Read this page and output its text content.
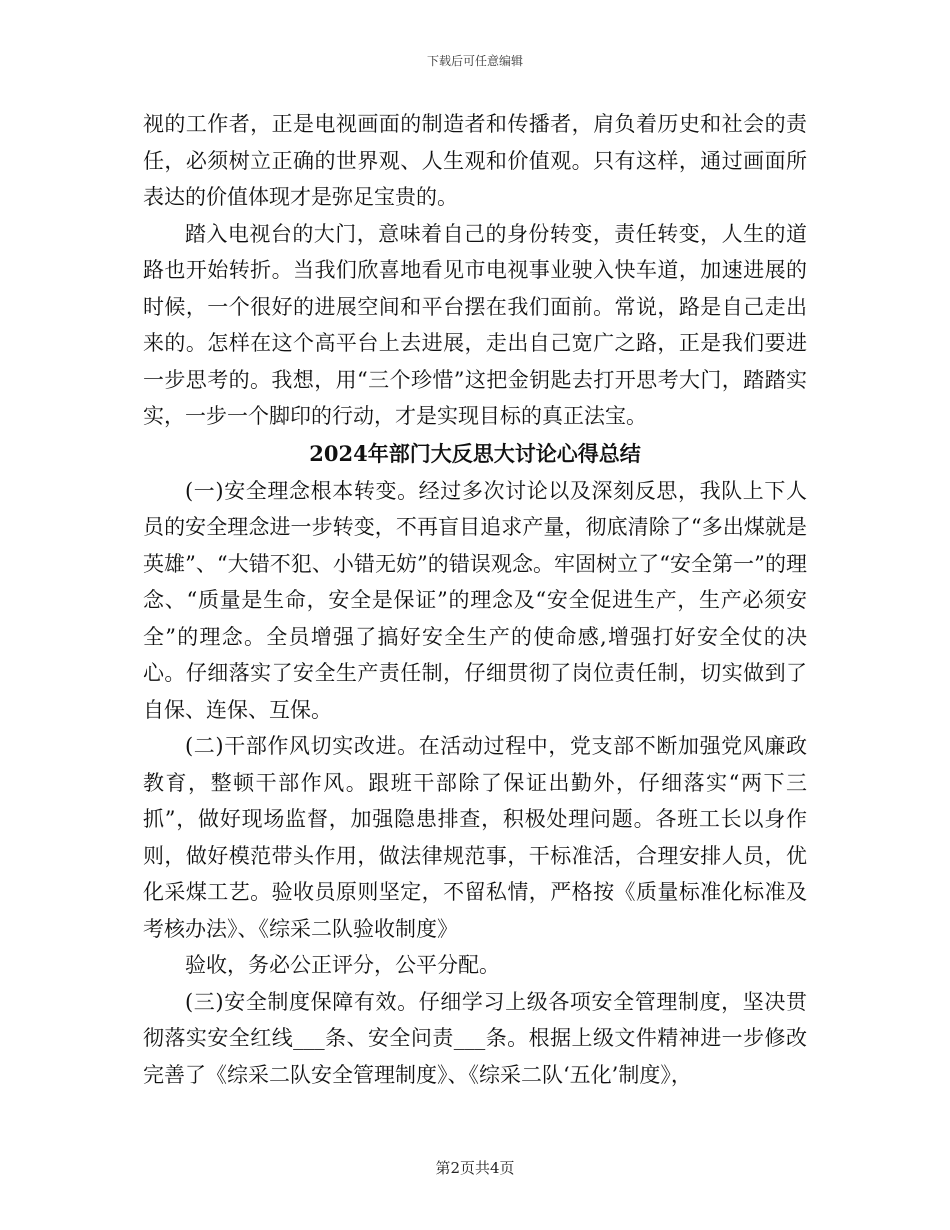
下载后可任意编辑

视的工作者，正是电视画面的制造者和传播者，肩负着历史和社会的责任，必须树立正确的世界观、人生观和价值观。只有这样，通过画面所表达的价值体现才是弥足宝贵的。

踏入电视台的大门，意味着自己的身份转变，责任转变，人生的道路也开始转折。当我们欣喜地看见市电视事业驶入快车道，加速进展的时候，一个很好的进展空间和平台摆在我们面前。常说，路是自己走出来的。怎样在这个高平台上去进展，走出自己宽广之路，正是我们要进一步思考的。我想，用“三个珍惜”这把金钥匙去打开思考大门，踏踏实实，一步一个脚印的行动，才是实现目标的真正法宝。

2024年部门大反思大讨论心得总结

(一)安全理念根本转变。经过多次讨论以及深刻反思，我队上下人员的安全理念进一步转变，不再盲目追求产量，彻底清除了“多出煤就是英雄”、“大错不犯、小错无妨”的错误观念。牢固树立了“安全第一”的理念、“质量是生命，安全是保证”的理念及“安全促进生产，生产必须安全”的理念。全员增强了搞好安全生产的使命感,增强打好安全仗的决心。仔细落实了安全生产责任制，仔细贯彻了岗位责任制，切实做到了自保、连保、互保。

(二)干部作风切实改进。在活动过程中，党支部不断加强党风廉政教育，整顿干部作风。跟班干部除了保证出勤外，仔细落实“两下三抓”，做好现场监督，加强隐患排查，积极处理问题。各班工长以身作则，做好模范带头作用，做法律规范事，干标准活，合理安排人员，优化采煤工艺。验收员原则坚定，不留私情，严格按《质量标准化标准及考核办法》、《综采二队验收制度》

验收，务必公正评分，公平分配。

(三)安全制度保障有效。仔细学习上级各项安全管理制度，坚决贯彻落实安全红线___条、安全问责___条。根据上级文件精神进一步修改完善了《综采二队安全管理制度》、《综采二队‘五化’制度》，

第2页共4页
